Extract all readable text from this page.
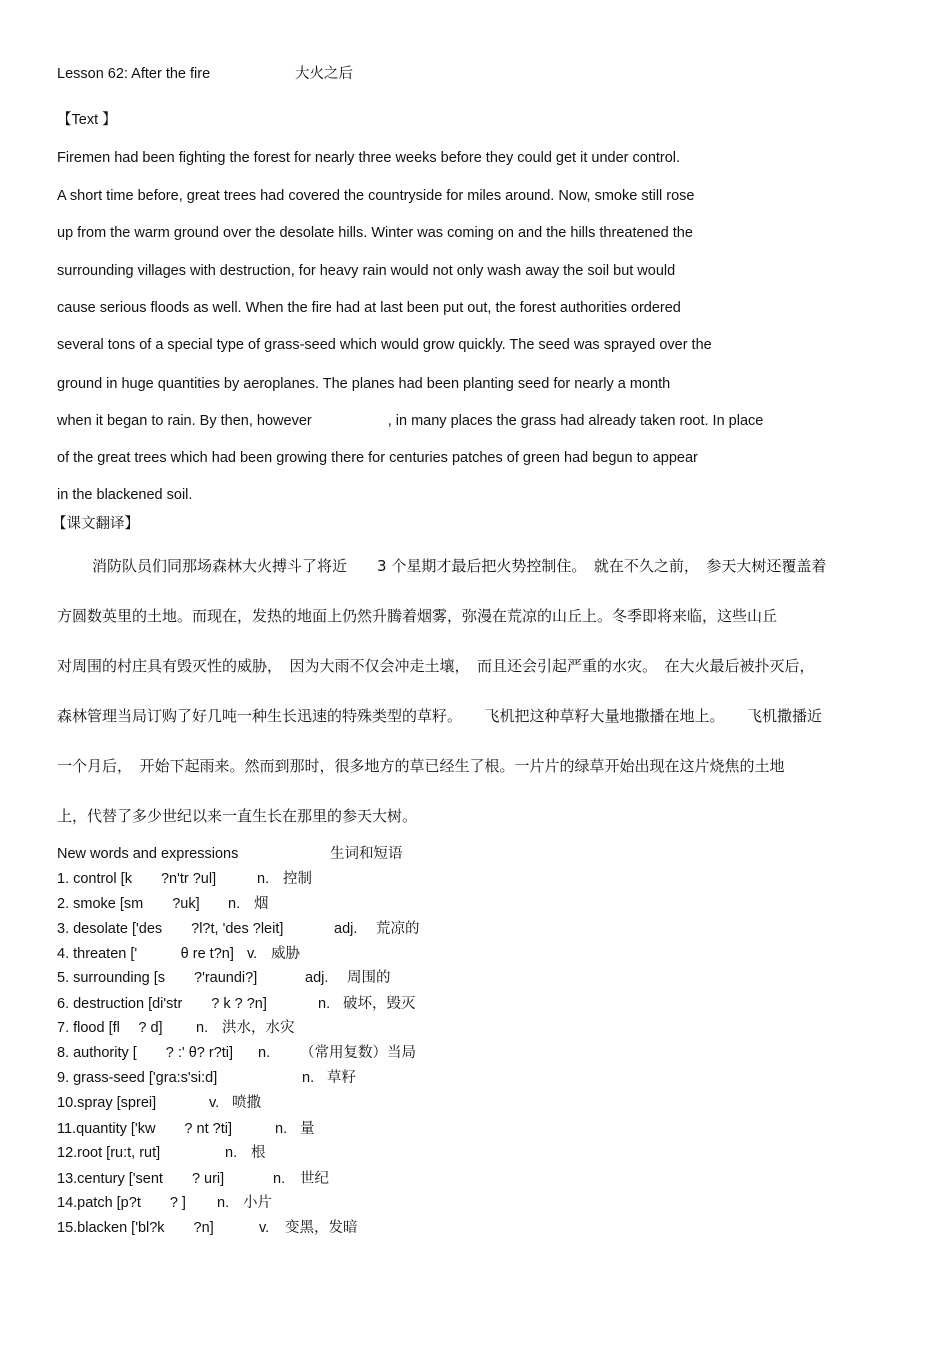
Lesson 62: After the fire	大火之后
【Text 】
Firemen had been fighting the forest for nearly three weeks before they could get it under control.
A short time before, great trees had covered the countryside for miles around. Now, smoke still rose
up from the warm ground over the desolate hills. Winter was coming on and the hills threatened the
surrounding villages with destruction, for heavy rain would not only wash away the soil but would
cause serious floods as well. When the fire had at last been put out, the forest authorities ordered
several tons of a special type of grass-seed which would grow quickly. The seed was sprayed over the
ground in huge quantities by aeroplanes. The planes had been planting seed for nearly a month
when it began to rain. By then, however	, in many places the grass had already taken root. In place
of the great trees which had been growing there for centuries patches of green had begun to appear
in the blackened soil.
【课文翻译】
消防队员们同那场森林大火搏斗了将近　　3 个星期才最后把火势控制住。　就在不久之前，　参天大树还覆盖着
方圆数英里的土地。而现在，发热的地面上仍然升腾着烟雾，弥漫在荒凉的山丘上。冬季即将来临，这些山丘
对周围的村庄具有毁灭性的威胁，　因为大雨不仅会冲走土壤，　而且还会引起严重的水灾。　在大火最后被扑灭后，
森林管理当局订购了好几吨一种生长迅速的特殊类型的草籽。　　飞机把这种草籽大量地撒播在地上。　　飞机撒播近
一个月后，　开始下起雨来。然而到那时，很多地方的草已经生了根。一片片的绿草开始出现在这片烧焦的土地
上，代替了多少世纪以来一直生长在那里的参天大树。
New words and expressions	生词和短语
1. control [k　　?n'tr ?ul]	n. 控制
2. smoke [sm　　?uk] n. 烟
3. desolate ['des　　?l?t, 'des ?leit]	adj. 荒凉的
4. threaten ['　　　θ re t?n] v. 威胁
5. surrounding [s　　?'raundi?]	adj. 周围的
6. destruction [di'str　　? k ? ?n]	n. 破坏，毁灭
7. flood [fl　 ? d] n. 洪水，水灾
8. authority [　　? :' θ? r?ti] n. （常用复数）当局
9. grass-seed ['gra:s'si:d]	n. 草籽
10.spray [sprei]	v. 喷撒
11.quantity ['kw　　? nt ?ti]	n. 量
12.root [ru:t, rut]	n. 根
13.century ['sent　　? uri]	n. 世纪
14.patch [p?t　　? ] n. 小片
15.blacken ['bl?k　　?n]	v. 变黑，发暗
